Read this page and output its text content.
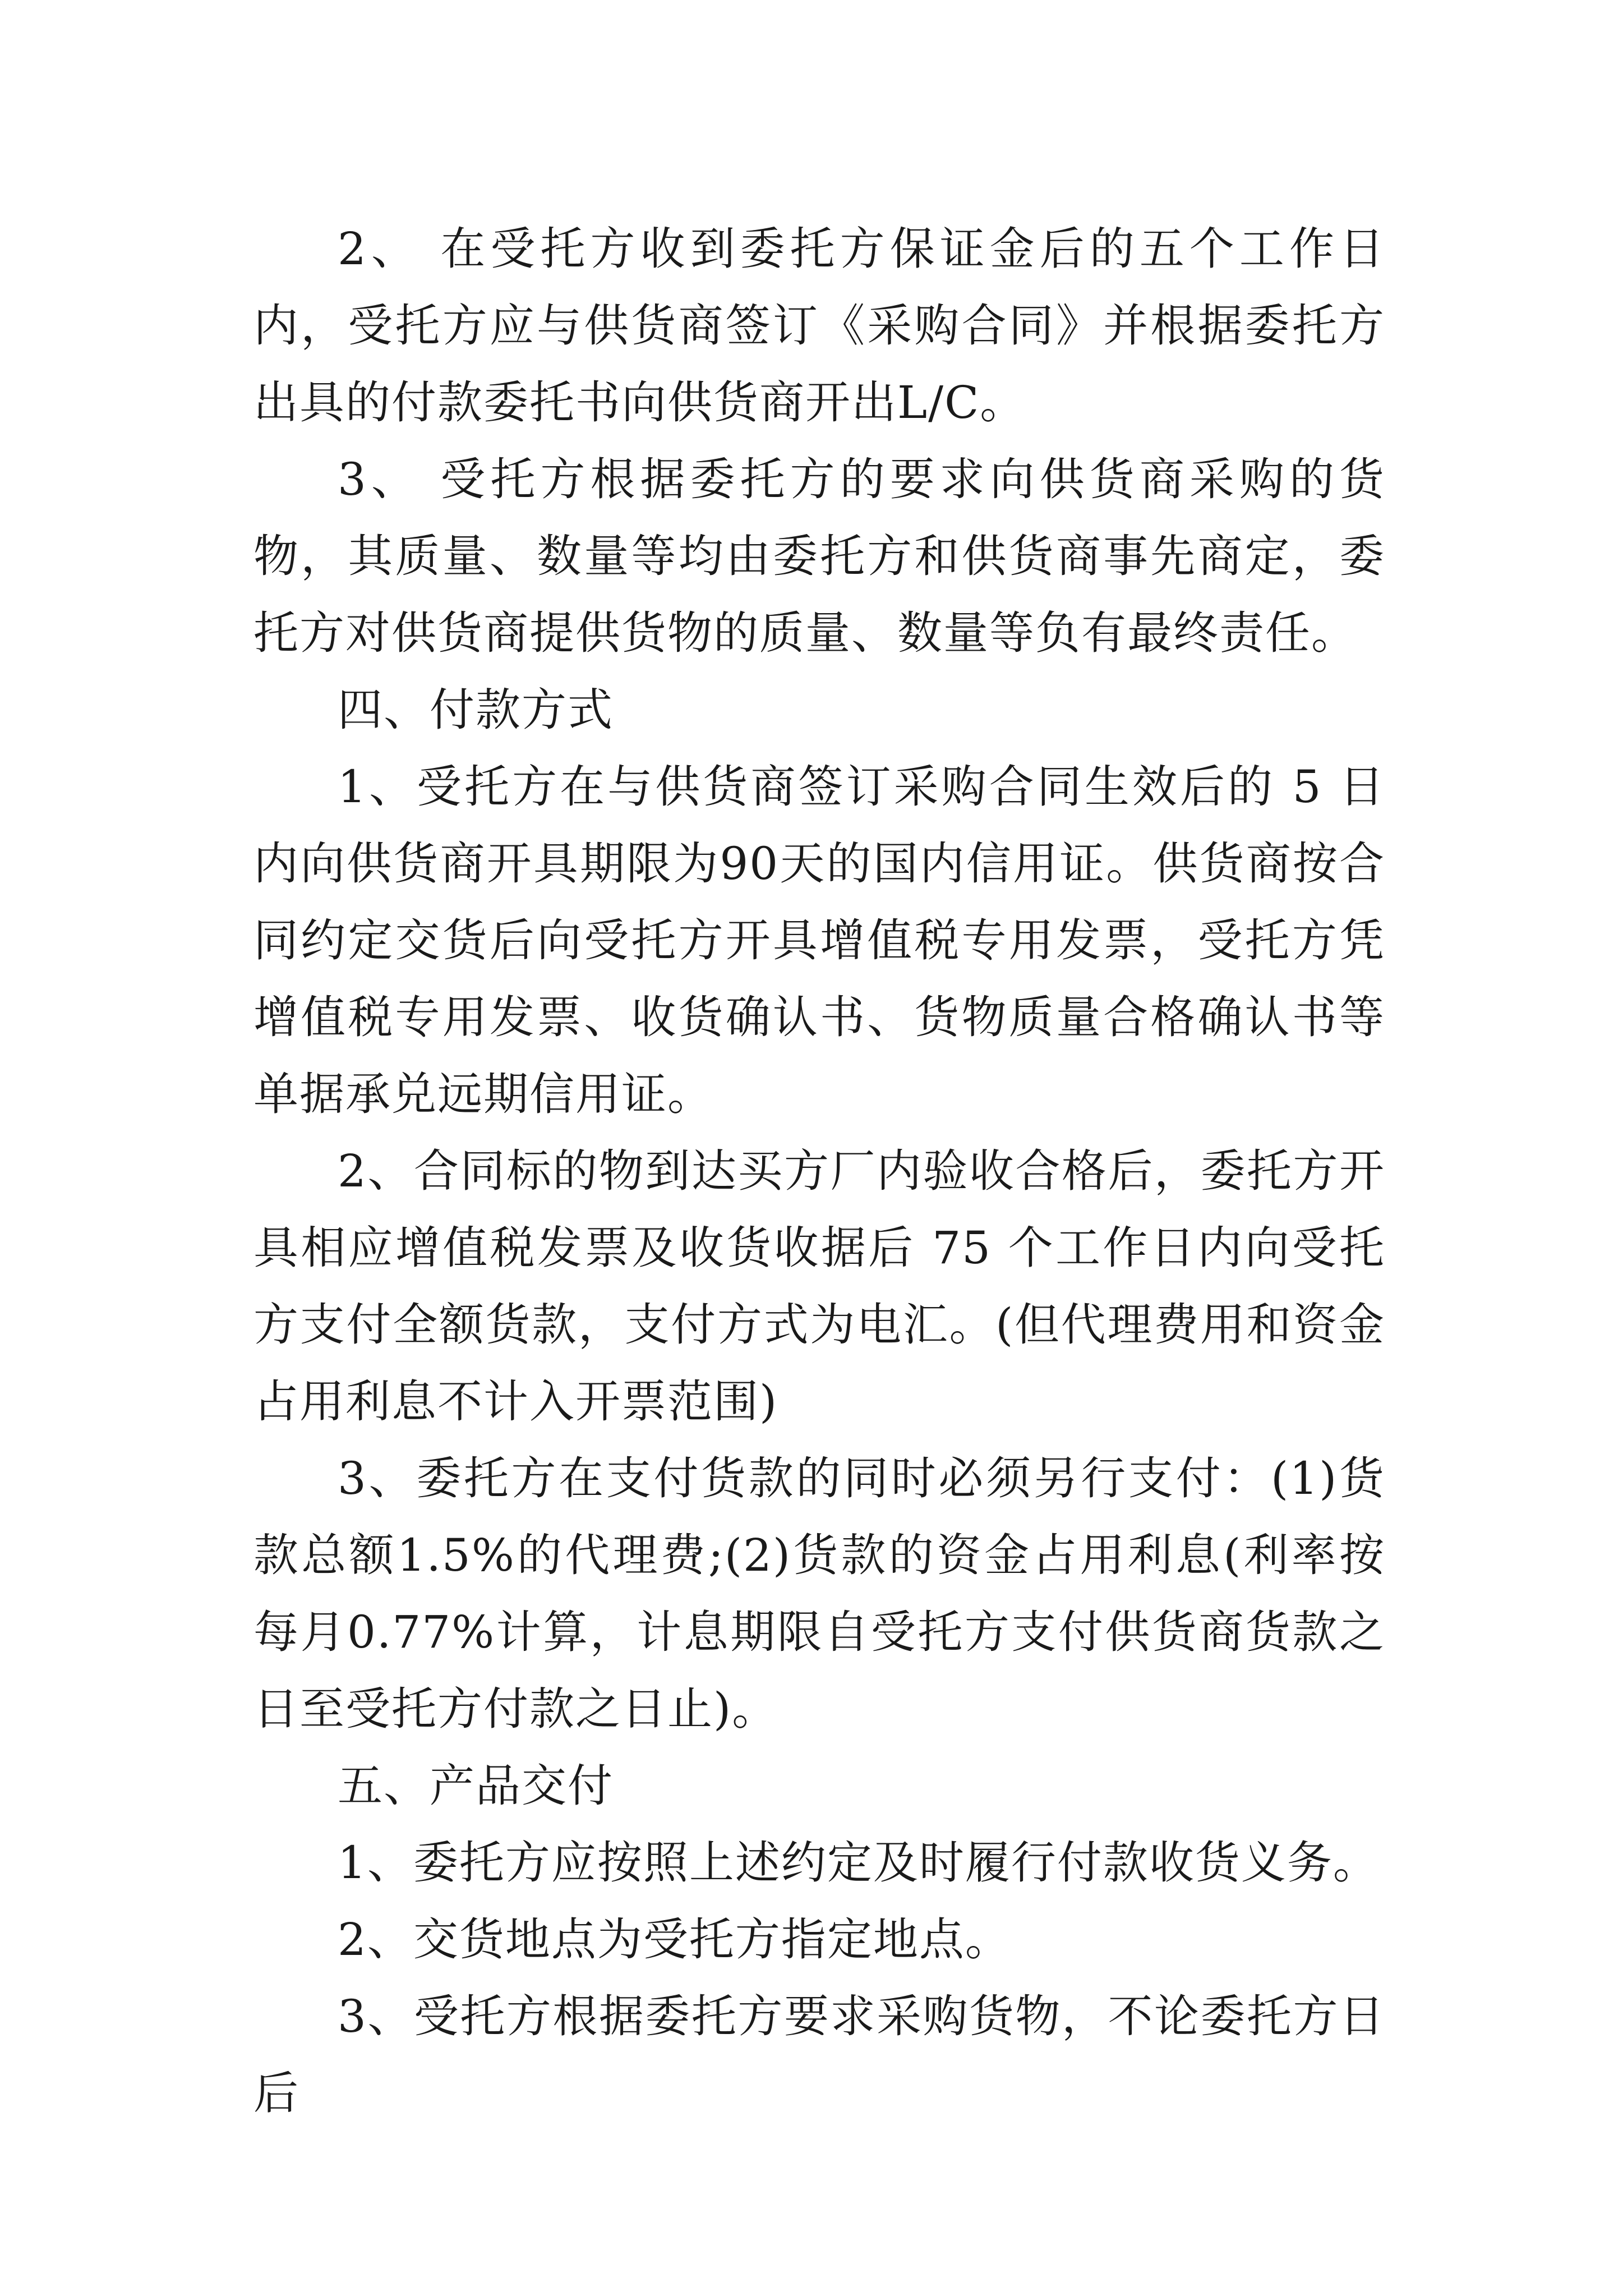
2、 在受托方收到委托方保证金后的五个工作日内，受托方应与供货商签订《采购合同》并根据委托方出具的付款委托书向供货商开出L/C。

3、 受托方根据委托方的要求向供货商采购的货物，其质量、数量等均由委托方和供货商事先商定，委托方对供货商提供货物的质量、数量等负有最终责任。

四、付款方式

1、受托方在与供货商签订采购合同生效后的 5 日内向供货商开具期限为90天的国内信用证。供货商按合同约定交货后向受托方开具增值税专用发票，受托方凭增值税专用发票、收货确认书、货物质量合格确认书等单据承兑远期信用证。

2、合同标的物到达买方厂内验收合格后，委托方开具相应增值税发票及收货收据后 75 个工作日内向受托方支付全额货款，支付方式为电汇。(但代理费用和资金占用利息不计入开票范围)

3、委托方在支付货款的同时必须另行支付：(1)货款总额1.5%的代理费;(2)货款的资金占用利息(利率按每月0.77%计算，计息期限自受托方支付供货商货款之日至受托方付款之日止)。

五、产品交付

1、委托方应按照上述约定及时履行付款收货义务。

2、交货地点为受托方指定地点。

3、受托方根据委托方要求采购货物，不论委托方日后
